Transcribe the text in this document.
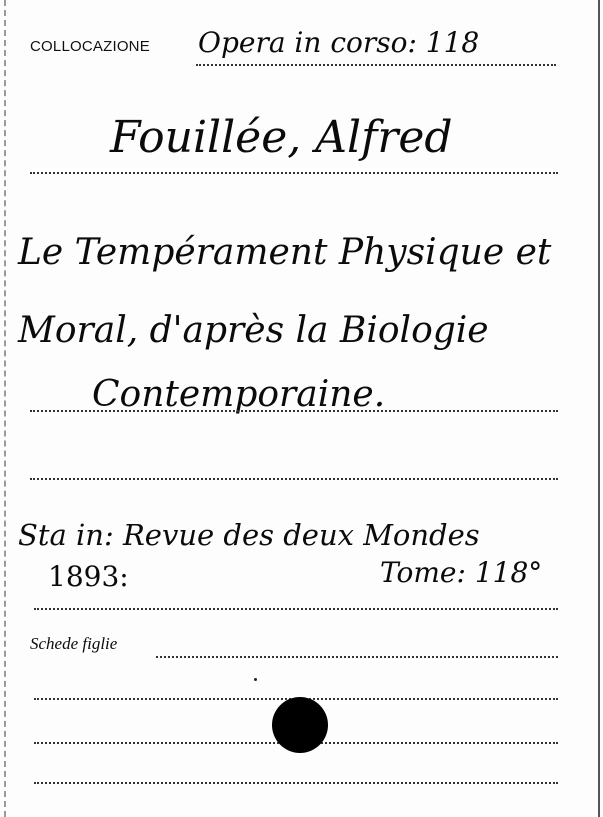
COLLOCAZIONE Opera in corso: 118
Fouillée, Alfred
Le Tempérament Physique et
Moral, d'après la Biologie
Contemporaine.
Sta in: Revue des deux Mondes
1893:	Tome: 118°
Schede figlie
